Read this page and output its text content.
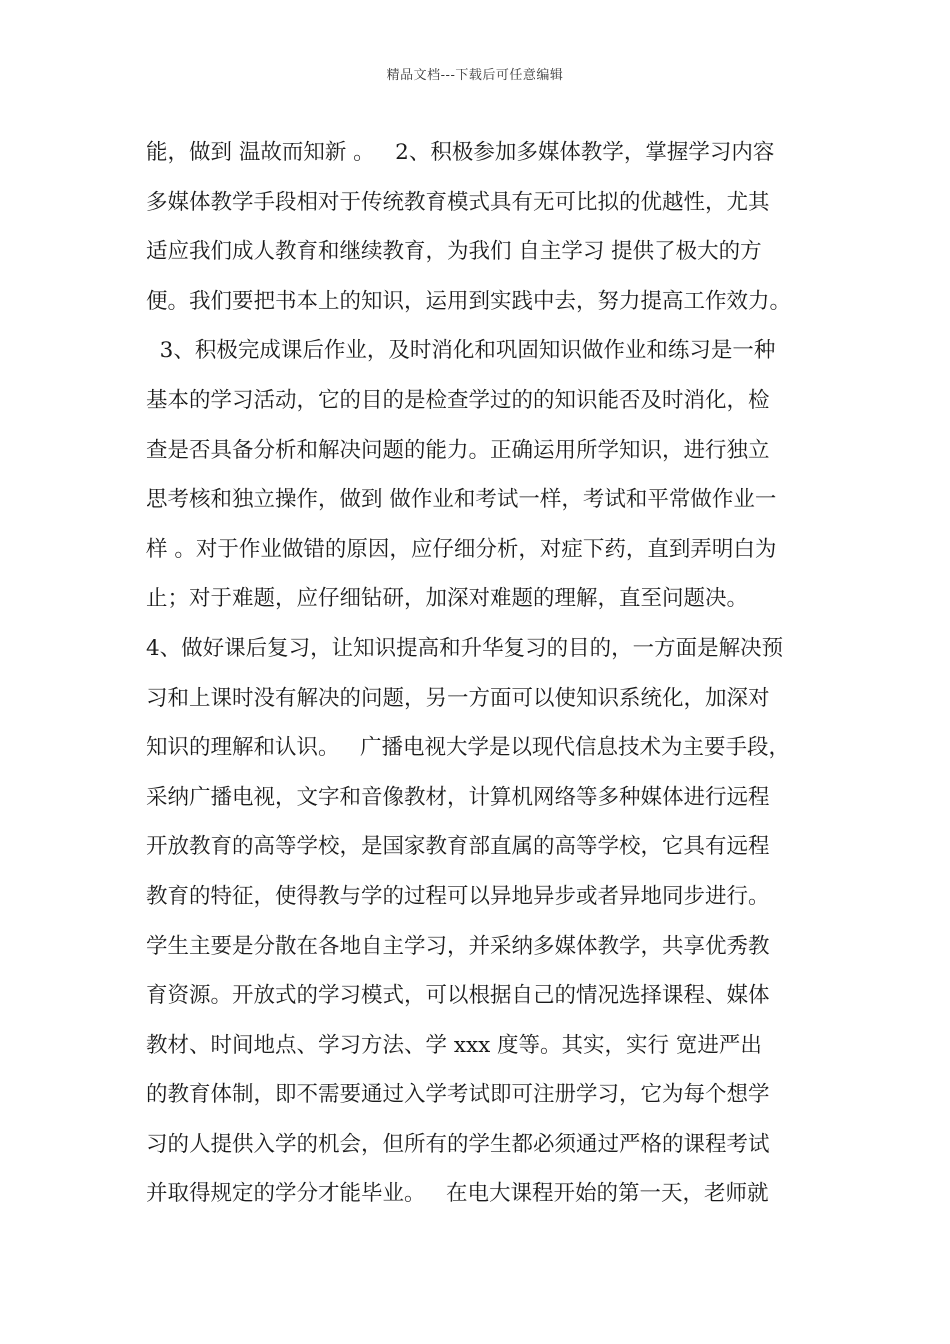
精品文档---下载后可任意编辑
能，做到 温故而知新 。   2、积极参加多媒体教学，掌握学习内容
多媒体教学手段相对于传统教育模式具有无可比拟的优越性，尤其
适应我们成人教育和继续教育，为我们 自主学习 提供了极大的方
便。我们要把书本上的知识，运用到实践中去，努力提高工作效力。
3、积极完成课后作业，及时消化和巩固知识做作业和练习是一种
基本的学习活动，它的目的是检查学过的的知识能否及时消化，检
查是否具备分析和解决问题的能力。正确运用所学知识，进行独立
思考核和独立操作，做到 做作业和考试一样，考试和平常做作业一
样 。对于作业做错的原因，应仔细分析，对症下药，直到弄明白为
止；对于难题，应仔细钻研，加深对难题的理解，直至问题决。
4、做好课后复习，让知识提高和升华复习的目的，一方面是解决预
习和上课时没有解决的问题，另一方面可以使知识系统化，加深对
知识的理解和认识。   广播电视大学是以现代信息技术为主要手段，
采纳广播电视，文字和音像教材，计算机网络等多种媒体进行远程
开放教育的高等学校，是国家教育部直属的高等学校，它具有远程
教育的特征，使得教与学的过程可以异地异步或者异地同步进行。
学生主要是分散在各地自主学习，并采纳多媒体教学，共享优秀教
育资源。开放式的学习模式，可以根据自己的情况选择课程、媒体
教材、时间地点、学习方法、学 xxx 度等。其实，实行 宽进严出
的教育体制，即不需要通过入学考试即可注册学习，它为每个想学
习的人提供入学的机会，但所有的学生都必须通过严格的课程考试
并取得规定的学分才能毕业。   在电大课程开始的第一天，老师就
